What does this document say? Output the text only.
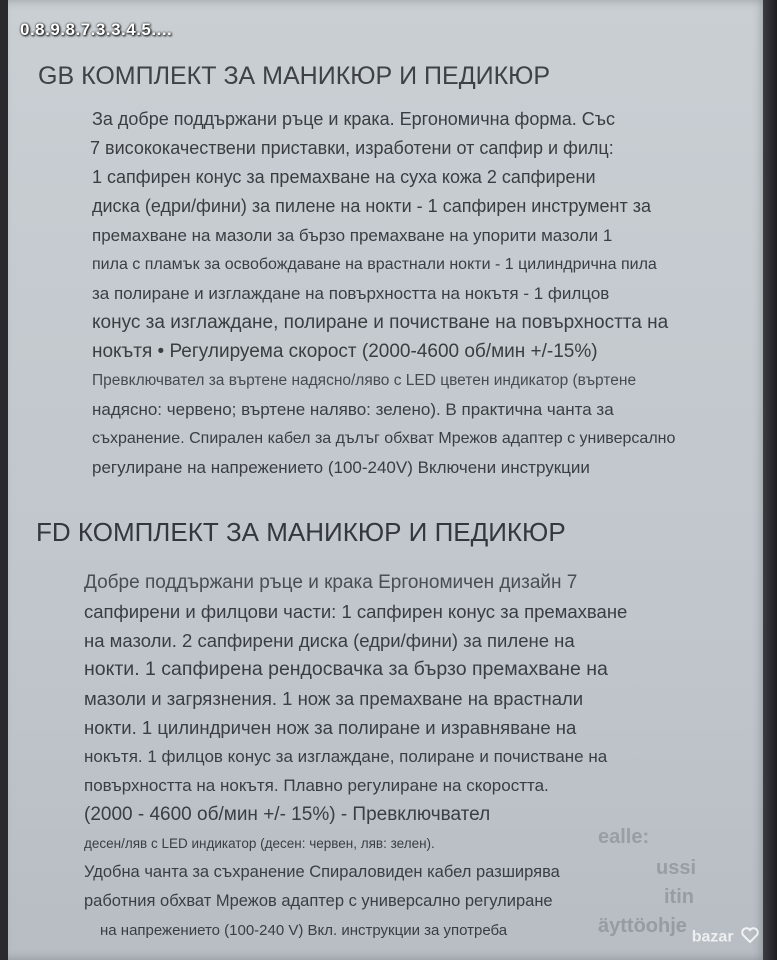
0.8.9.8.7.3.3.4.5....
ealle:
ussi
itin
äyttöohje
GB КОМПЛЕКТ ЗА МАНИКЮР И ПЕДИКЮР
За добре поддържани ръце и крака. Ергономична форма. Със
7 висококачествени приставки, изработени от сапфир и филц:
1 сапфирен конус за премахване на суха кожа 2 сапфирени
диска (едри/фини) за пилене на нокти - 1 сапфирен инструмент за
премахване на мазоли за бързо премахване на упорити мазоли 1
пила с пламък за освобождаване на врастнали нокти - 1 цилиндрична пила
за полиране и изглаждане на повърхността на нокътя - 1 филцов
конус за изглаждане, полиране и почистване на повърхността на
нокътя • Регулируема скорост (2000-4600 об/мин +/-15%)
Превключвател за въртене надясно/ляво с LED цветен индикатор (въртене
надясно: червено; въртене наляво: зелено). В практична чанта за
съхранение. Спирален кабел за дълъг обхват Мрежов адаптер с универсално
регулиране на напрежението (100-240V) Включени инструкции
FD КОМПЛЕКТ ЗА МАНИКЮР И ПЕДИКЮР
Добре поддържани ръце и крака Ергономичен дизайн 7
сапфирени и филцови части: 1 сапфирен конус за премахване
на мазоли. 2 сапфирени диска (едри/фини) за пилене на
нокти. 1 сапфирена рендосвачка за бързо премахване на
мазоли и загрязнения. 1 нож за премахване на врастнали
нокти. 1 цилиндричен нож за полиране и изравняване на
нокътя. 1 филцов конус за изглаждане, полиране и почистване на
повърхността на нокътя. Плавно регулиране на скоростта.
(2000 - 4600 об/мин +/- 15%) - Превключвател
десен/ляв с LED индикатор (десен: червен, ляв: зелен).
Удобна чанта за съхранение Спираловиден кабел разширява
работния обхват Мрежов адаптер с универсално регулиране
на напрежението (100-240 V) Вкл. инструкции за употреба	bazar
